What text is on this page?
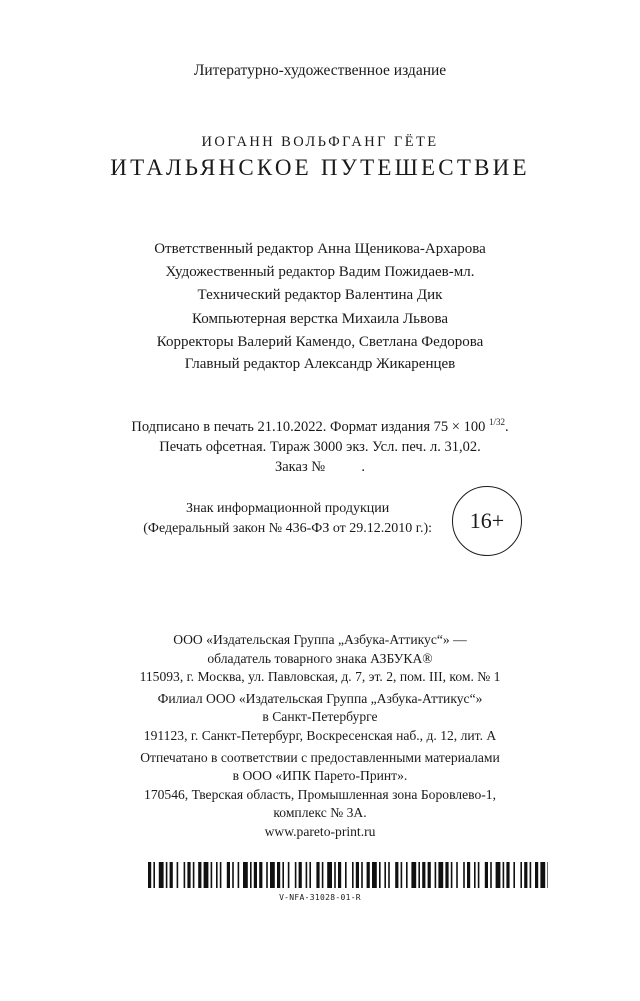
Литературно-художественное издание
ИОГАНН ВОЛЬФГАНГ ГЁТЕ
ИТАЛЬЯНСКОЕ ПУТЕШЕСТВИЕ
Ответственный редактор Анна Щеникова-Архарова
Художественный редактор Вадим Пожидаев-мл.
Технический редактор Валентина Дик
Компьютерная верстка Михаила Львова
Корректоры Валерий Камендо, Светлана Федорова
Главный редактор Александр Жикаренцев
Подписано в печать 21.10.2022. Формат издания 75 × 100 $^{1/32}$.
Печать офсетная. Тираж 3000 экз. Усл. печ. л. 31,02.
Заказ №          .
Знак информационной продукции
(Федеральный закон № 436-ФЗ от 29.12.2010 г.):	16+
ООО «Издательская Группа „Азбука-Аттикус“» —
обладатель товарного знака АЗБУКА®
115093, г. Москва, ул. Павловская, д. 7, эт. 2, пом. III, ком. № 1
Филиал ООО «Издательская Группа „Азбука-Аттикус“»
в Санкт-Петербурге
191123, г. Санкт-Петербург, Воскресенская наб., д. 12, лит. А
Отпечатано в соответствии с предоставленными материалами
в ООО «ИПК Парето-Принт».
170546, Тверская область, Промышленная зона Боровлево-1,
комплекс № 3А.
www.pareto-print.ru
V-NFA-31028-01-R
